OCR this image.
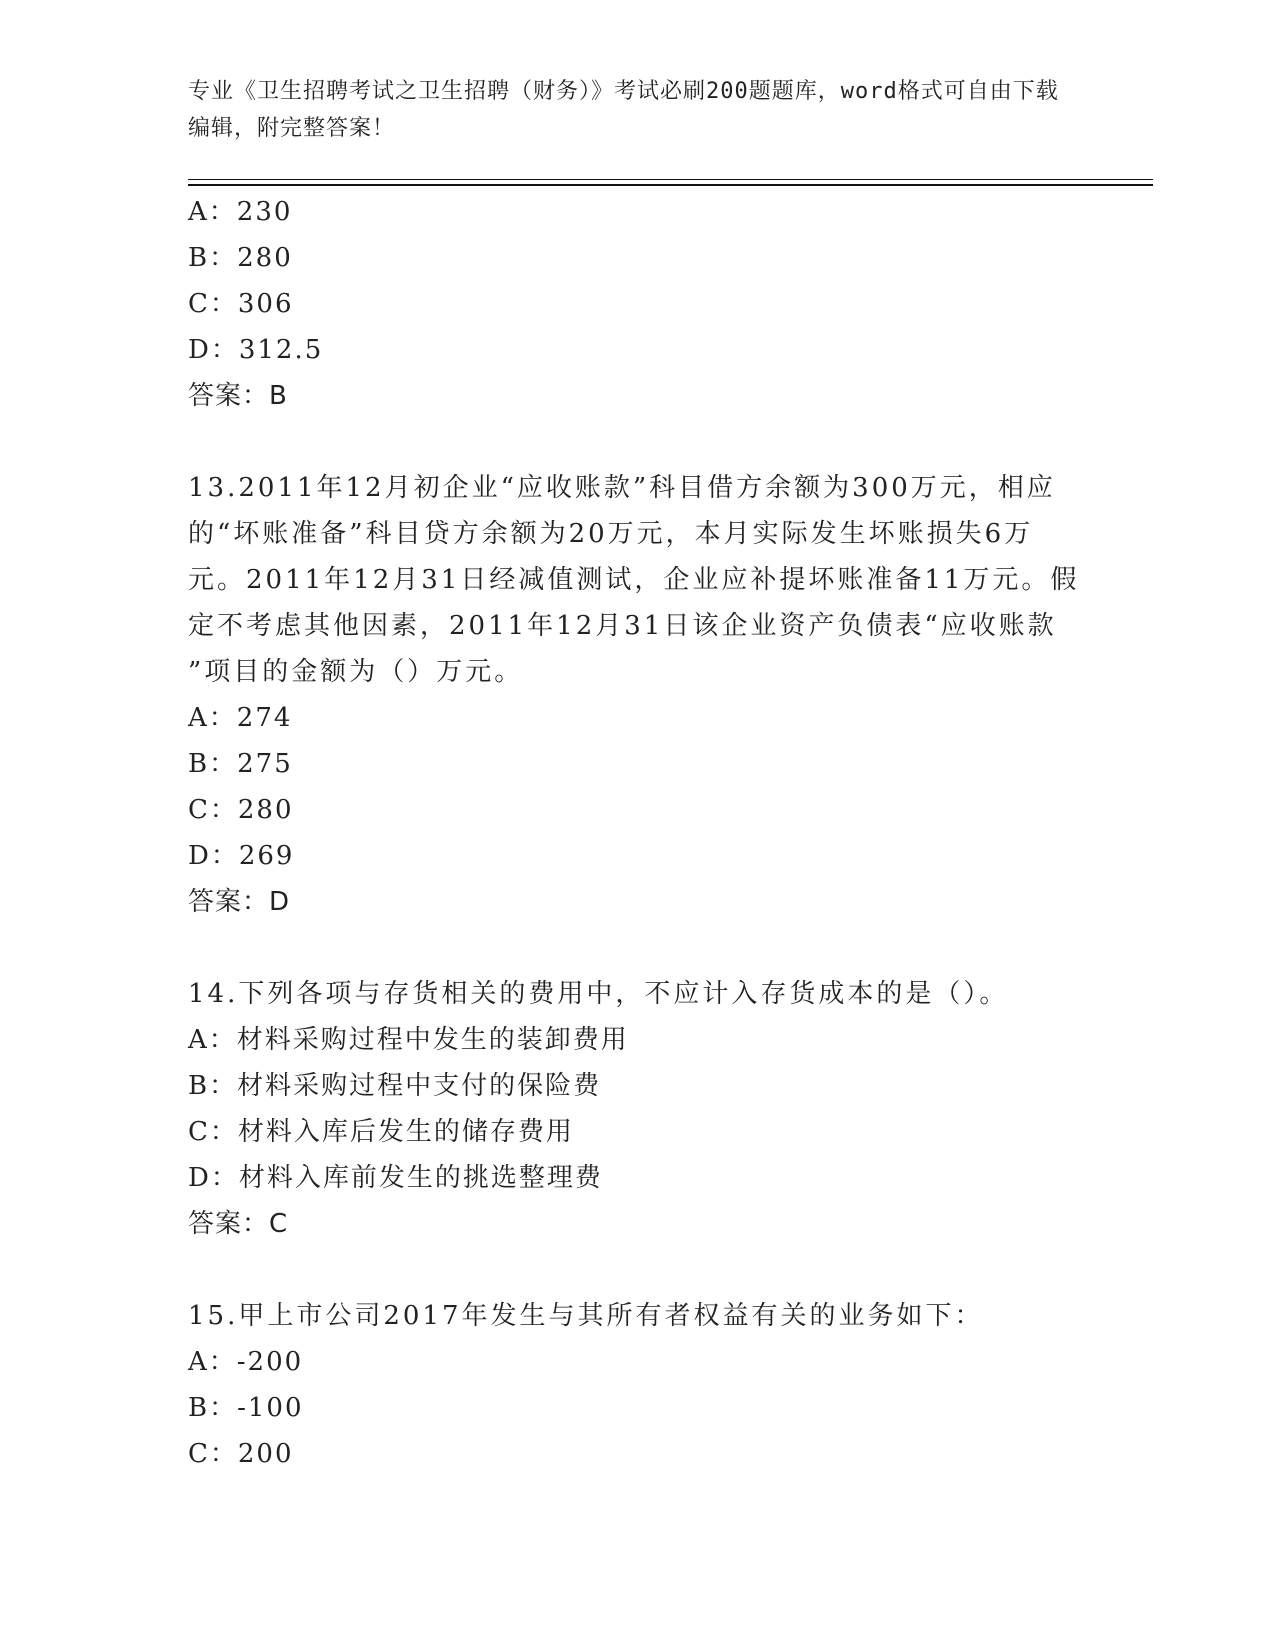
专业《卫生招聘考试之卫生招聘（财务）》考试必刷200题题库，word格式可自由下载编辑，附完整答案！
A：230
B：280
C：306
D：312.5
答案：B
13.2011年12月初企业“应收账款”科目借方余额为300万元，相应
的“坏账准备”科目贷方余额为20万元，本月实际发生坏账损失6万
元。2011年12月31日经减值测试，企业应补提坏账准备11万元。假
定不考虑其他因素，2011年12月31日该企业资产负债表“应收账款
”项目的金额为（）万元。
A：274
B：275
C：280
D：269
答案：D
14.下列各项与存货相关的费用中，不应计入存货成本的是（）。
A：材料采购过程中发生的装卸费用
B：材料采购过程中支付的保险费
C：材料入库后发生的储存费用
D：材料入库前发生的挑选整理费
答案：C
15.甲上市公司2017年发生与其所有者权益有关的业务如下：
A：-200
B：-100
C：200
